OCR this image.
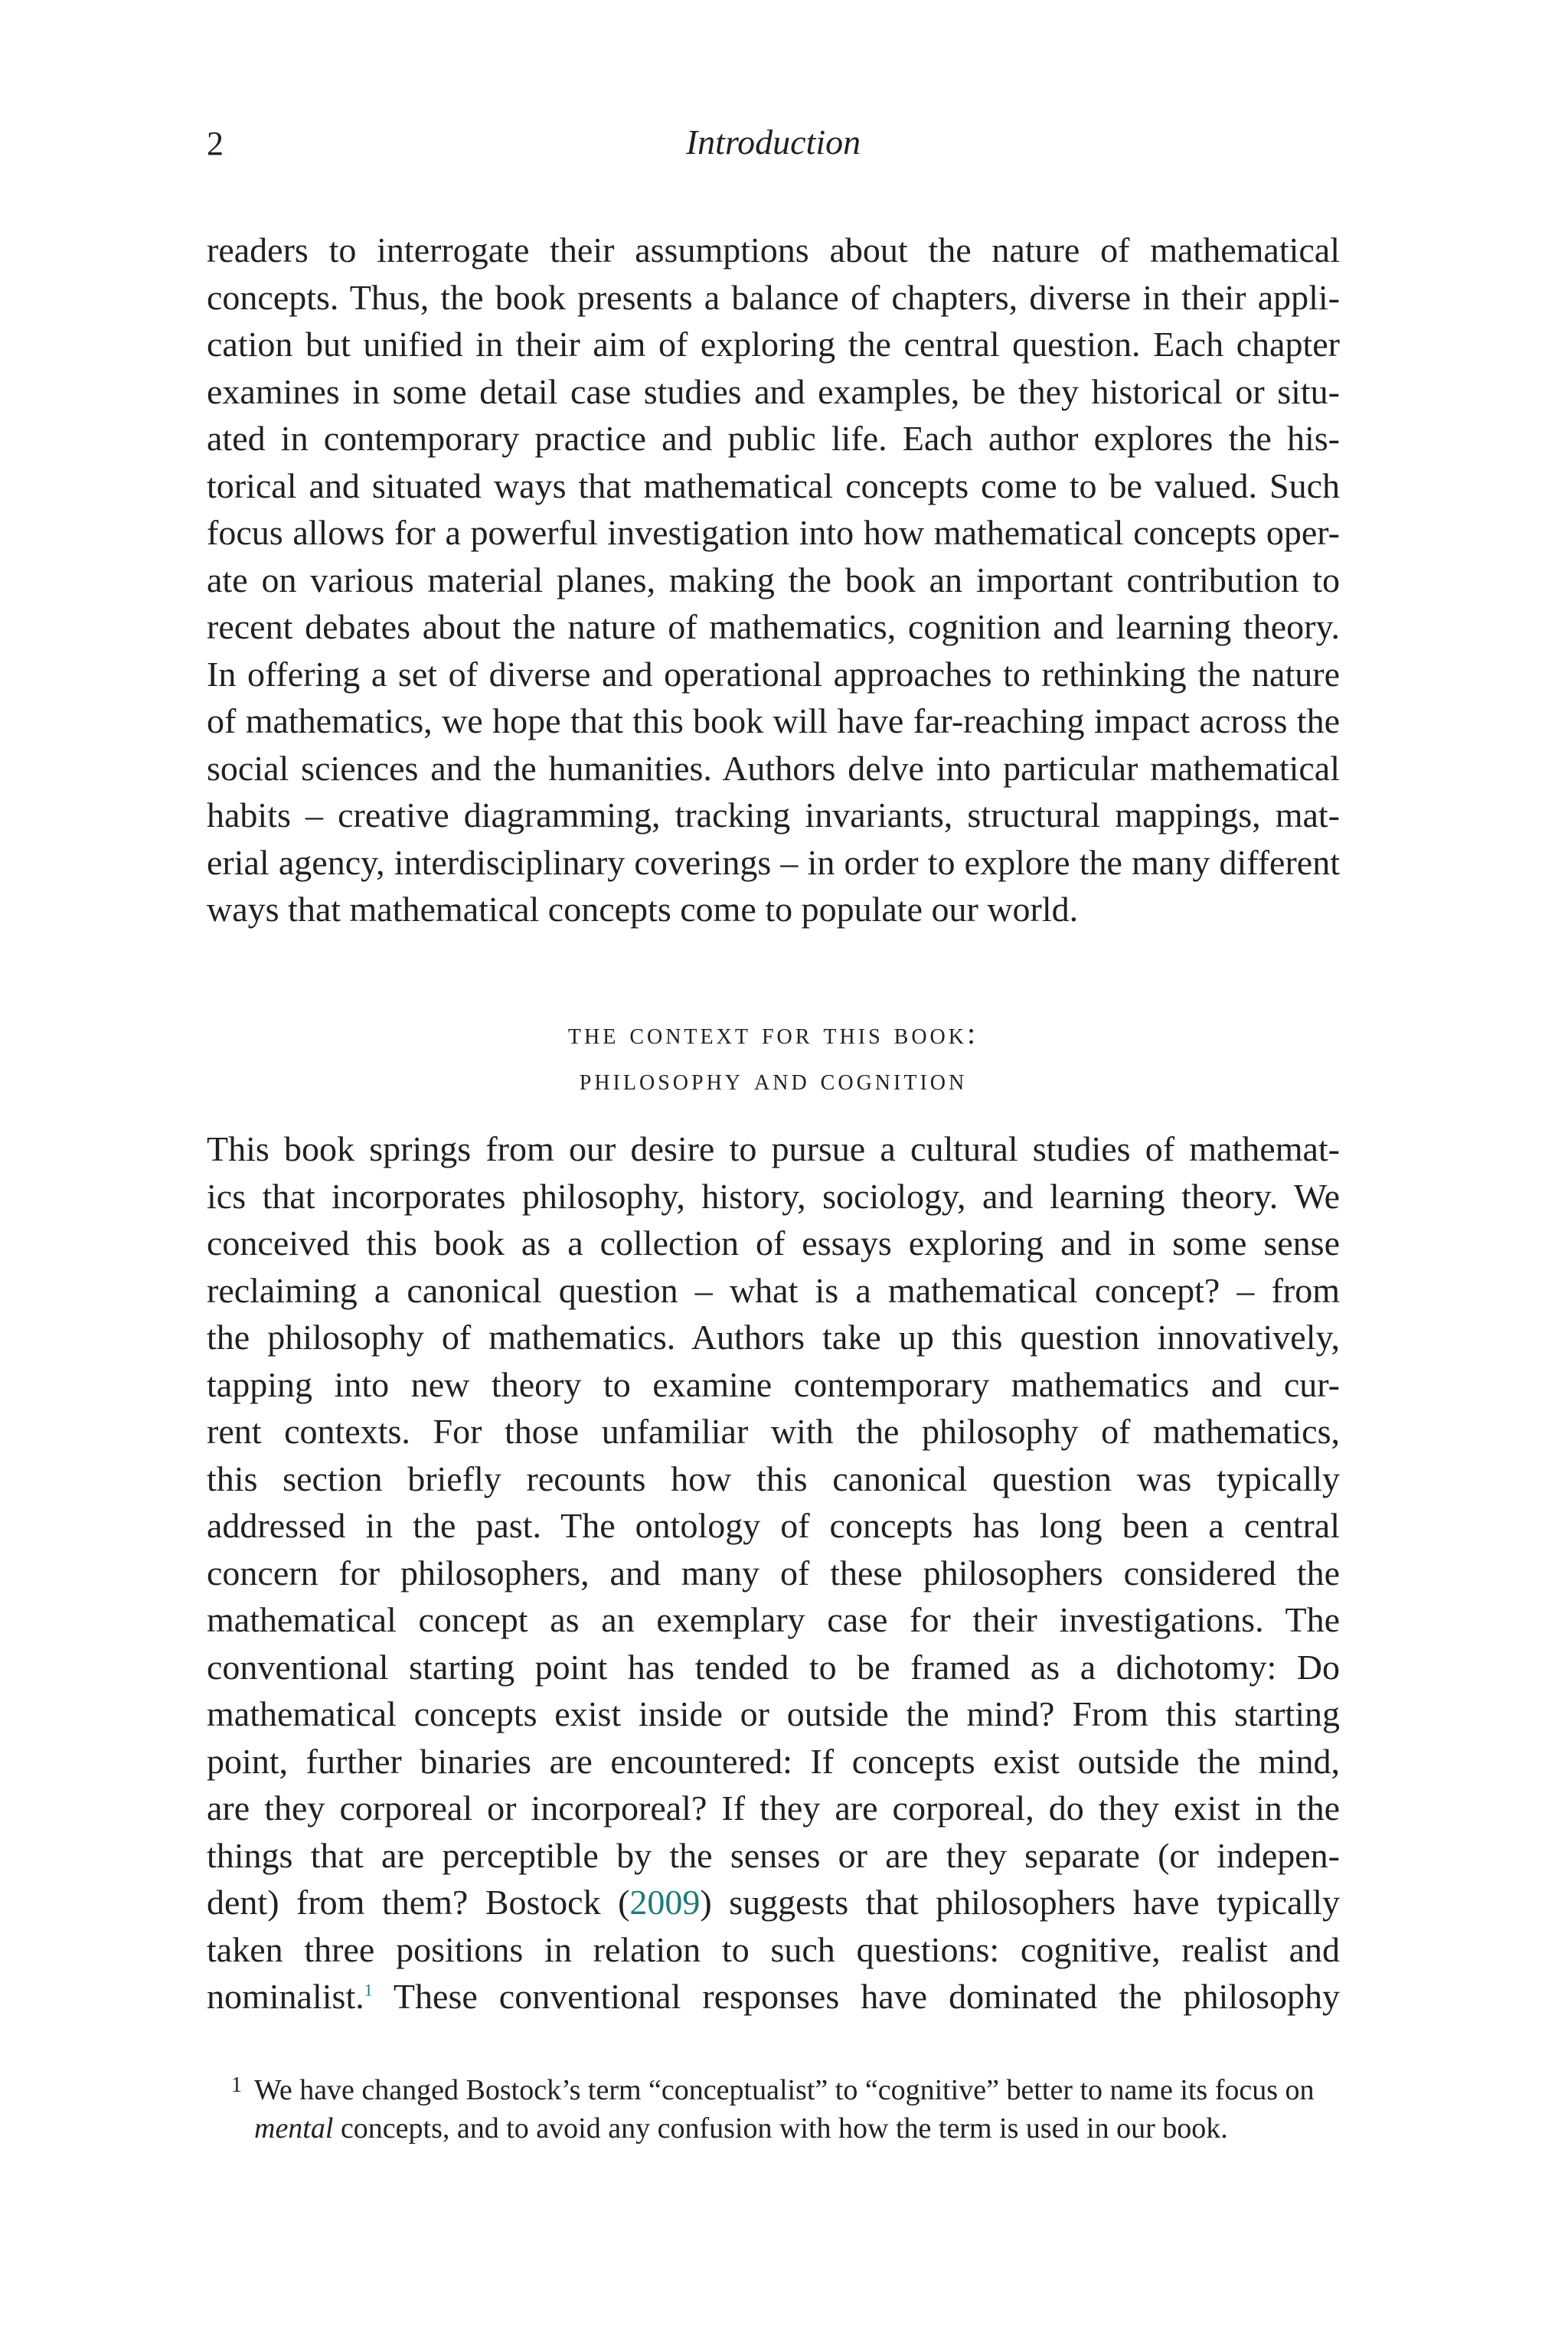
2	Introduction
readers to interrogate their assumptions about the nature of mathematical
concepts. Thus, the book presents a balance of chapters, diverse in their appli-
cation but unified in their aim of exploring the central question. Each chapter
examines in some detail case studies and examples, be they historical or situ-
ated in contemporary practice and public life. Each author explores the his-
torical and situated ways that mathematical concepts come to be valued. Such
focus allows for a powerful investigation into how mathematical concepts oper-
ate on various material planes, making the book an important contribution to
recent debates about the nature of mathematics, cognition and learning theory.
In offering a set of diverse and operational approaches to rethinking the nature
of mathematics, we hope that this book will have far-reaching impact across the
social sciences and the humanities. Authors delve into particular mathematical
habits – creative diagramming, tracking invariants, structural mappings, mat-
erial agency, interdisciplinary coverings – in order to explore the many different
ways that mathematical concepts come to populate our world.
the context for this book:
philosophy and cognition
This book springs from our desire to pursue a cultural studies of mathemat-
ics that incorporates philosophy, history, sociology, and learning theory. We
conceived this book as a collection of essays exploring and in some sense
reclaiming a canonical question – what is a mathematical concept? – from
the philosophy of mathematics. Authors take up this question innovatively,
tapping into new theory to examine contemporary mathematics and cur-
rent contexts. For those unfamiliar with the philosophy of mathematics,
this section briefly recounts how this canonical question was typically
addressed in the past. The ontology of concepts has long been a central
concern for philosophers, and many of these philosophers considered the
mathematical concept as an exemplary case for their investigations. The
conventional starting point has tended to be framed as a dichotomy: Do
mathematical concepts exist inside or outside the mind? From this starting
point, further binaries are encountered: If concepts exist outside the mind,
are they corporeal or incorporeal? If they are corporeal, do they exist in the
things that are perceptible by the senses or are they separate (or indepen-
dent) from them? Bostock (2009) suggests that philosophers have typically
taken three positions in relation to such questions: cognitive, realist and
nominalist.$^1$ These conventional responses have dominated the philosophy
1 We have changed Bostock’s term “conceptualist” to “cognitive” better to name its focus on
mental concepts, and to avoid any confusion with how the term is used in our book.
